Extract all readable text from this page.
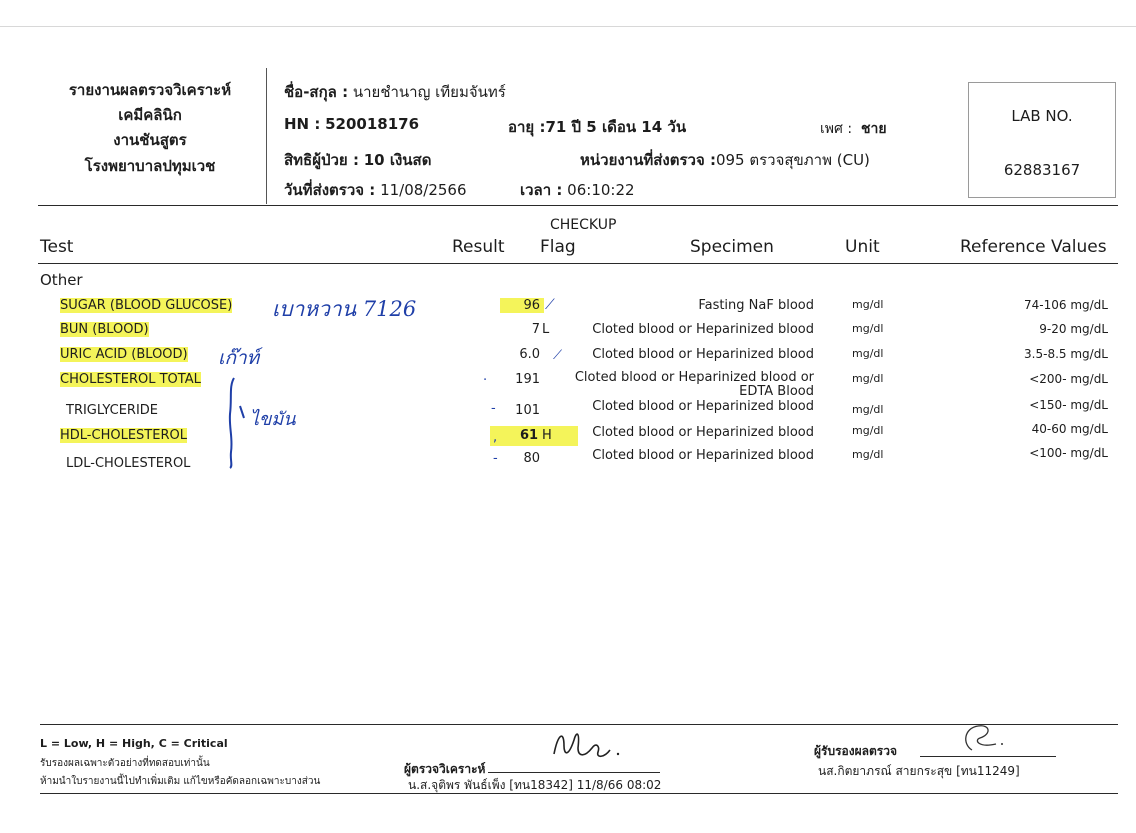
รายงานผลตรวจวิเคราะห์
เคมีคลินิก
งานชันสูตร
โรงพยาบาลปทุมเวช
ชื่อ-สกุล : นายชำนาญ เทียมจันทร์
HN : 520018176	อายุ :71 ปี 5 เดือน 14 วัน	เพศ : ชาย
สิทธิผู้ป่วย : 10 เงินสด	หน่วยงานที่ส่งตรวจ :095 ตรวจสุขภาพ (CU)
วันที่ส่งตรวจ : 11/08/2566	เวลา : 06:10:22
LAB NO.
62883167
CHECKUP
Test	Result Flag	Specimen	Unit	Reference Values
Other
SUGAR (BLOOD GLUCOSE)	96	Fasting NaF blood	mg/dl	74-106 mg/dL
BUN (BLOOD)	7 L	Cloted blood or Heparinized blood	mg/dl	9-20 mg/dL
URIC ACID (BLOOD)	6.0	Cloted blood or Heparinized blood	mg/dl	3.5-8.5 mg/dL
CHOLESTEROL TOTAL	191	Cloted blood or Heparinized blood or
EDTA Blood
mg/dl	<200- mg/dL
TRIGLYCERIDE	101	Cloted blood or Heparinized blood	mg/dl	<150- mg/dL
HDL-CHOLESTEROL	61 H	Cloted blood or Heparinized blood	mg/dl	40-60 mg/dL
LDL-CHOLESTEROL	80	Cloted blood or Heparinized blood	mg/dl	<100- mg/dL
เบาหวาน 7126
เก๊าท์
ไขมัน
⟋
⟋
·
-
,
-
L = Low, H = High, C = Critical
รับรองผลเฉพาะตัวอย่างที่ทดสอบเท่านั้น
ห้ามนำใบรายงานนี้ไปทำเพิ่มเติม แก้ไขหรือคัดลอกเฉพาะบางส่วน
ผู้ตรวจวิเคราะห์
น.ส.จุติพร พันธ์เพ็ง [ทน18342] 11/8/66 08:02
ผู้รับรองผลตรวจ
นส.กิตยาภรณ์ สายกระสุข [ทน11249]
